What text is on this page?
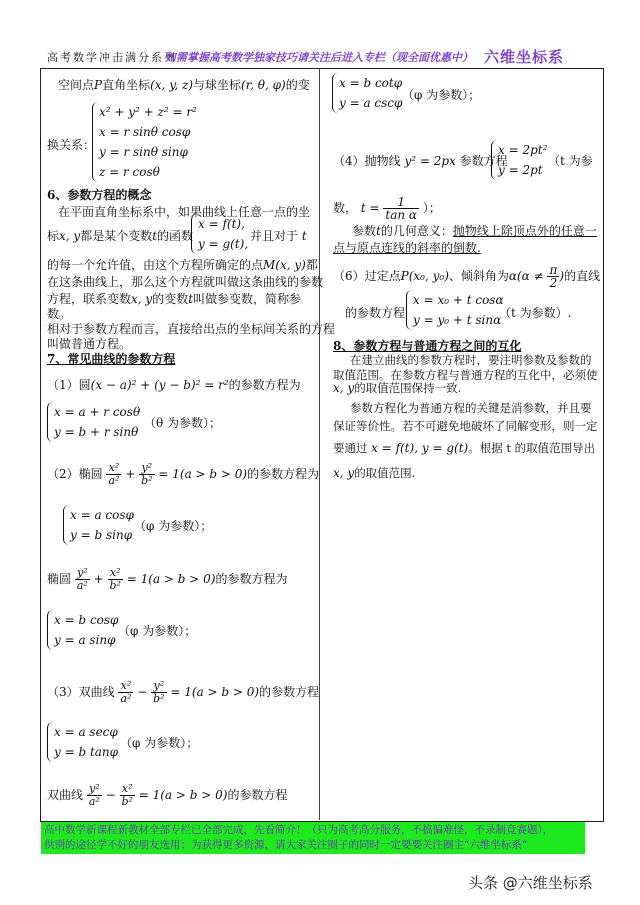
高考数学冲击满分系列
如需掌握高考数学独家技巧请关注后进入专栏（现全面优惠中） 六维坐标系
空间点P直角坐标(x, y, z)与球坐标(r, θ, φ)的变
换关系：
x² + y² + z² = r²
x = r sinθ cosφ
y = r sinθ sinφ
z = r cosθ
6、参数方程的概念
在平面直角坐标系中，如果曲线上任意一点的坐
标x, y都是某个变数t的函数
x = f(t),
y = g(t),
并且对于 t
的每一个允许值，由这个方程所确定的点M(x, y)都
在这条曲线上，那么这个方程就叫做这条曲线的参数
方程，联系变数x, y的变数t叫做参变数，简称参
数。
相对于参数方程而言，直接给出点的坐标间关系的方程
叫做普通方程。
7、常见曲线的参数方程
（1）圆(x − a)² + (y − b)² = r²的参数方程为
x = a + r cosθ
y = b + r sinθ
（θ 为参数）；
（2）椭圆 $\frac{\text{x²}}{\text{a²}} + \frac{\text{y²}}{\text{b²}} = 1(a > b > 0)$的参数方程为
x = a cosφ
y = b sinφ
（φ 为参数）；
椭圆 $\frac{\text{y²}}{\text{a²}} + \frac{\text{x²}}{\text{b²}} = 1(a > b > 0)$的参数方程为
x = b cosφ
y = a sinφ
（φ 为参数）；
（3）双曲线 $\frac{\text{x²}}{\text{a²}} - \frac{\text{y²}}{\text{b²}} = 1(a > b > 0)$的参数方程
x = a secφ
y = b tanφ
（φ 为参数）；
双曲线 $\frac{\text{y²}}{\text{a²}} - \frac{\text{x²}}{\text{b²}} = 1(a > b > 0)$的参数方程
x = b cotφ
y = a cscφ
（φ 为参数）；
（4）抛物线 y² = 2px 参数方程
x = 2pt²
y = 2pt
（t 为参
数， $t = \frac{1}{\text{tan α}}$ ）；
参数t的几何意义：抛物线上除顶点外的任意一
点与原点连线的斜率的倒数.
（6）过定点P(x₀, y₀)、倾斜角为$\alpha(\alpha \ne \frac{\pi}{2}$ )的直线
的参数方程
x = x₀ + t cosα
y = y₀ + t sinα
（t 为参数）.
8、参数方程与普通方程之间的互化
在建立曲线的参数方程时，要注明参数及参数的
取值范围。在参数方程与普通方程的互化中，必须使
x, y的取值范围保持一致.
参数方程化为普通方程的关键是消参数，并且要
保证等价性。若不可避免地破坏了同解变形，则一定
要通过 x = f(t), y = g(t)。根据 t 的取值范围导出
x, y的取值范围.
高中数学新课程新教材全部专栏已全部完成，先看简介！（只为高考高分服务，不搞偏难怪，不录制竞赛题），
供别的途径学不好的朋友选用；为获得更多资源，请大家关注圈子的同时一定要要关注圈主“六维坐标系”
头条 @六维坐标系
